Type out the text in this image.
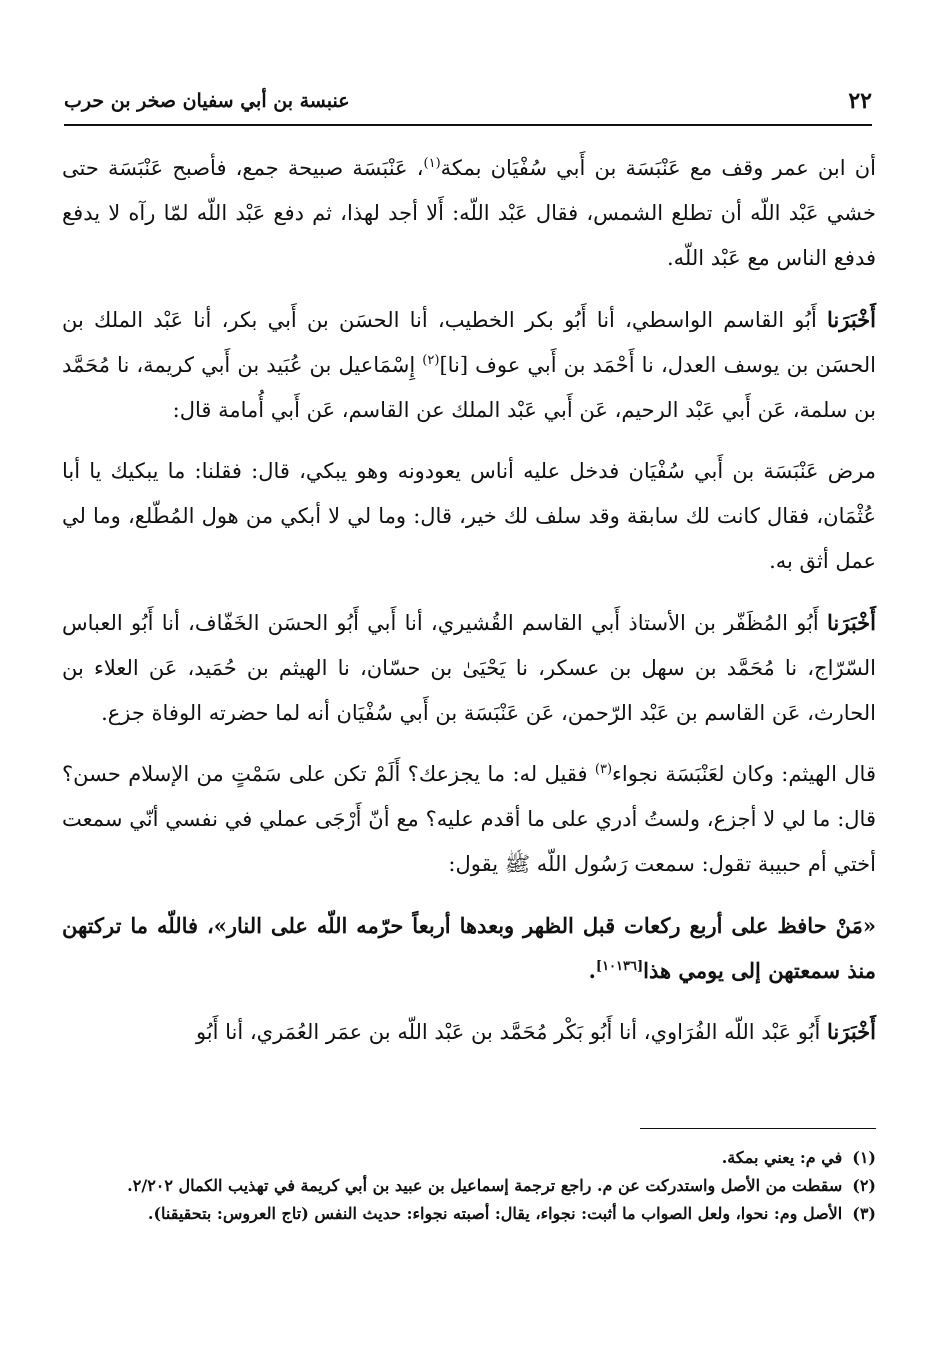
٢٢
عنبسة بن أبي سفيان صخر بن حرب

أن ابن عمر وقف مع عَنْبَسَة بن أَبي سُفْيَان بمكة$^{(١)}$، عَنْبَسَة صبيحة جمع، فأصبح عَنْبَسَة حتى خشي عَبْد اللّه أن تطلع الشمس، فقال عَبْد اللّه: أَلا أجد لهذا، ثم دفع عَبْد اللّه لمّا رآه لا يدفع فدفع الناس مع عَبْد اللّه.

أَخْبَرَنا أَبُو القاسم الواسطي، أنا أَبُو بكر الخطيب، أنا الحسَن بن أَبي بكر، أنا عَبْد الملك بن الحسَن بن يوسف العدل، نا أَحْمَد بن أَبي عوف [نا]$^{(٢)}$ إِسْمَاعيل بن عُبَيد بن أَبي كريمة، نا مُحَمَّد بن سلمة، عَن أَبي عَبْد الرحيم، عَن أَبي عَبْد الملك عن القاسم، عَن أَبي أُمامة قال:

مرض عَنْبَسَة بن أَبي سُفْيَان فدخل عليه أناس يعودونه وهو يبكي، قال: فقلنا: ما يبكيك يا أبا عُثْمَان، فقال كانت لك سابقة وقد سلف لك خير، قال: وما لي لا أبكي من هول المُطّلع، وما لي عمل أثق به.

أَخْبَرَنا أَبُو المُظَفّر بن الأستاذ أَبي القاسم القُشيري، أنا أَبي أَبُو الحسَن الخَفّاف، أنا أَبُو العباس السّرّاج، نا مُحَمَّد بن سهل بن عسكر، نا يَحْيَىٰ بن حسّان، نا الهيثم بن حُمَيد، عَن العلاء بن الحارث، عَن القاسم بن عَبْد الرّحمن، عَن عَنْبَسَة بن أَبي سُفْيَان أنه لما حضرته الوفاة جزع.

قال الهيثم: وكان لعَنْبَسَة نجواء$^{(٣)}$ فقيل له: ما يجزعك؟ أَلَمْ تكن على سَمْتٍ من الإسلام حسن؟ قال: ما لي لا أجزع، ولستُ أدري على ما أقدم عليه؟ مع أنّ أَرْجَى عملي في نفسي أنّي سمعت أختي أم حبيبة تقول: سمعت رَسُول اللّه ﷺ يقول:

«مَنْ حافظ على أربع ركعات قبل الظهر وبعدها أربعاً حرّمه اللّه على النار»، فاللّه ما تركتهن منذ سمعتهن إلى يومي هذا[١٠١٣٦].

أَخْبَرَنا أَبُو عَبْد اللّه الفُرَاوي، أنا أَبُو بَكْر مُحَمَّد بن عَبْد اللّه بن عمَر العُمَري، أنا أَبُو

(١)
في م: يعني بمكة.

(٢)
سقطت من الأصل واستدركت عن م. راجع ترجمة إسماعيل بن عبيد بن أبي كريمة في تهذيب الكمال ٢/٢٠٢.

(٣)
الأصل وم: نحوا، ولعل الصواب ما أثبت: نجواء، يقال: أصبته نجواء: حديث النفس (تاج العروس: بتحقيقنا).
